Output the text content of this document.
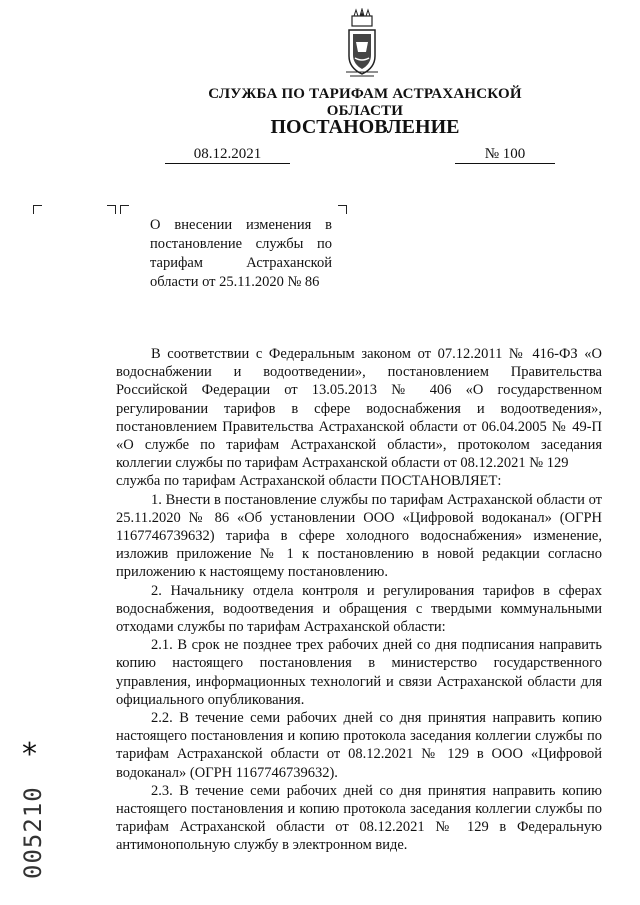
СЛУЖБА ПО ТАРИФАМ АСТРАХАНСКОЙ ОБЛАСТИ
ПОСТАНОВЛЕНИЕ
08.12.2021	№ 100
О внесении изменения в постановление службы по тарифам Астраханской области от 25.11.2020 № 86

В соответствии с Федеральным законом от 07.12.2011 № 416-ФЗ «О водоснабжении и водоотведении», постановлением Правительства Российской Федерации от 13.05.2013 № 406 «О государственном регулировании тарифов в сфере водоснабжения и водоотведения», постановлением Правительства Астраханской области от 06.04.2005 № 49-П «О службе по тарифам Астраханской области», протоколом заседания коллегии службы по тарифам Астраханской области от 08.12.2021 № 129

служба по тарифам Астраханской области ПОСТАНОВЛЯЕТ:

1. Внести в постановление службы по тарифам Астраханской области от 25.11.2020 № 86 «Об установлении ООО «Цифровой водоканал» (ОГРН 1167746739632) тарифа в сфере холодного водоснабжения» изменение, изложив приложение № 1 к постановлению в новой редакции согласно приложению к настоящему постановлению.

2. Начальнику отдела контроля и регулирования тарифов в сферах водоснабжения, водоотведения и обращения с твердыми коммунальными отходами службы по тарифам Астраханской области:

2.1. В срок не позднее трех рабочих дней со дня подписания направить копию настоящего постановления в министерство государственного управления, информационных технологий и связи Астраханской области для официального опубликования.

2.2. В течение семи рабочих дней со дня принятия направить копию настоящего постановления и копию протокола заседания коллегии службы по тарифам Астраханской области от 08.12.2021 № 129 в ООО «Цифровой водоканал» (ОГРН 1167746739632).

2.3. В течение семи рабочих дней со дня принятия направить копию настоящего постановления и копию протокола заседания коллегии службы по тарифам Астраханской области от 08.12.2021 № 129 в Федеральную антимонопольную службу в электронном виде.

*
005210
